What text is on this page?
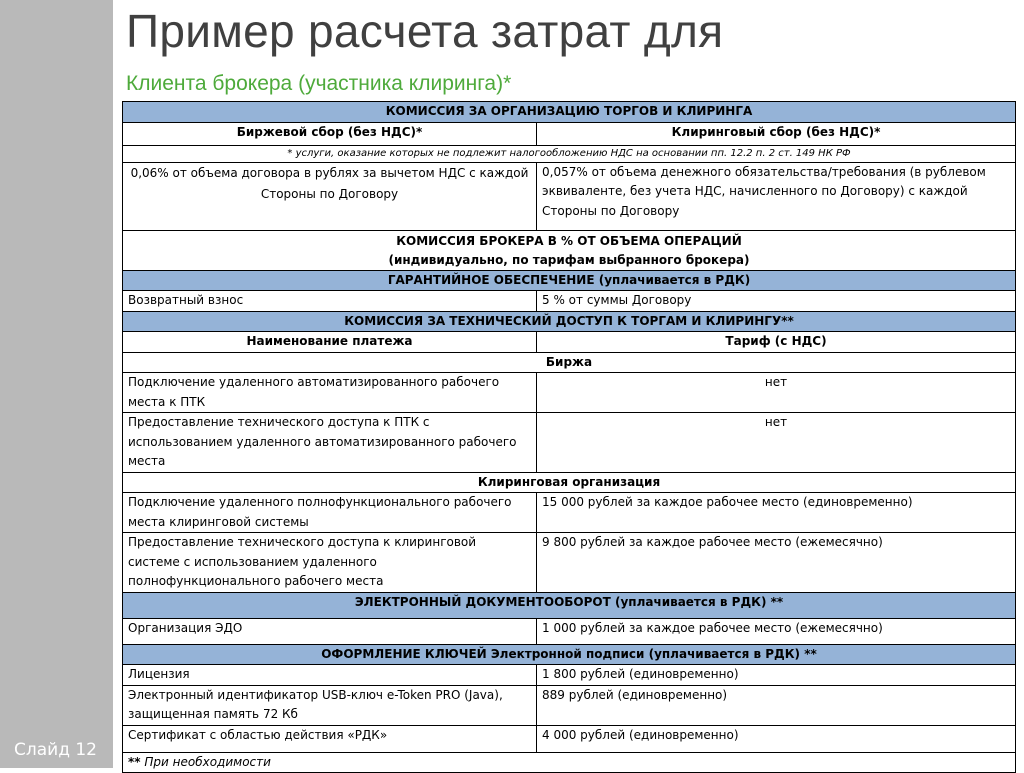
Слайд 12
Пример расчета затрат для
Клиента брокера (участника клиринга)*
КОМИССИЯ ЗА ОРГАНИЗАЦИЮ ТОРГОВ И КЛИРИНГА	
Биржевой сбор (без НДС)*	Клиринговый сбор (без НДС)*
* услуги, оказание которых не подлежит налогообложению НДС на основании пп. 12.2 п. 2 ст. 149 НК РФ	
0,06% от объема договора в рублях за вычетом НДС с каждой Стороны по Договору	0,057% от объема денежного обязательства/требования (в рублевом эквиваленте, без учета НДС, начисленного по Договору) с каждой Стороны по Договору

КОМИССИЯ БРОКЕРА В % ОТ ОБЪЕМА ОПЕРАЦИЙ
(индивидуально, по тарифам выбранного брокера)	

ГАРАНТИЙНОЕ ОБЕСПЕЧЕНИЕ (уплачивается в РДК)	
Возвратный взнос	5 % от суммы Договору
КОМИССИЯ ЗА ТЕХНИЧЕСКИЙ ДОСТУП К ТОРГАМ И КЛИРИНГУ**	
Наименование платежа	Тариф (с НДС)
Биржа	
Подключение удаленного автоматизированного рабочего места к ПТК	нет
Предоставление технического доступа к ПТК с использованием удаленного автоматизированного рабочего места	нет
Клиринговая организация	
Подключение удаленного полнофункционального рабочего места клиринговой системы	15 000 рублей за каждое рабочее место (единовременно)
Предоставление технического доступа к клиринговой системе с использованием удаленного полнофункционального рабочего места	9 800 рублей за каждое рабочее место (ежемесячно)
ЭЛЕКТРОННЫЙ ДОКУМЕНТООБОРОТ (уплачивается в РДК) **	
Организация ЭДО	1 000 рублей за каждое рабочее место (ежемесячно)
ОФОРМЛЕНИЕ КЛЮЧЕЙ Электронной подписи (уплачивается в РДК) **	
Лицензия	1 800 рублей (единовременно)
Электронный идентификатор USB-ключ e-Token PRO (Java), защищенная память 72 Кб	889 рублей (единовременно)
Сертификат с областью действия «РДК»	4 000 рублей (единовременно)
** При необходимости	
